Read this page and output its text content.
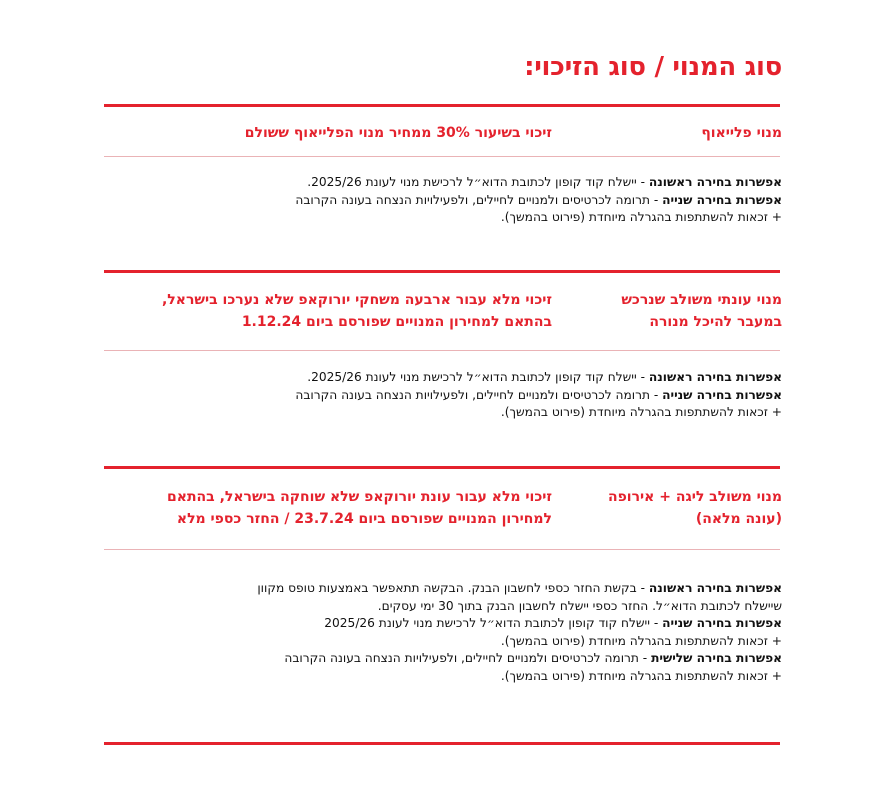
סוג המנוי / סוג הזיכוי:
מנוי פלייאוף
זיכוי בשיעור 30% ממחיר מנוי הפלייאוף ששולם
אפשרות בחירה ראשונה - יישלח קוד קופון לכתובת הדוא״ל לרכישת מנוי לעונת 2025/26.
אפשרות בחירה שנייה - תרומה לכרטיסים ולמנויים לחיילים, ולפעילויות הנצחה בעונה הקרובה
+ זכאות להשתתפות בהגרלה מיוחדת (פירוט בהמשך).
מנוי עונתי משולב שנרכש
במעבר להיכל מנורה
זיכוי מלא עבור ארבעה משחקי יורוקאפ שלא נערכו בישראל,
בהתאם למחירון המנויים שפורסם ביום 1.12.24
אפשרות בחירה ראשונה - יישלח קוד קופון לכתובת הדוא״ל לרכישת מנוי לעונת 2025/26.
אפשרות בחירה שנייה - תרומה לכרטיסים ולמנויים לחיילים, ולפעילויות הנצחה בעונה הקרובה
+ זכאות להשתתפות בהגרלה מיוחדת (פירוט בהמשך).
מנוי משולב ליגה + אירופה
(עונה מלאה)
זיכוי מלא עבור עונת יורוקאפ שלא שוחקה בישראל, בהתאם
למחירון המנויים שפורסם ביום 23.7.24 / החזר כספי מלא
אפשרות בחירה ראשונה - בקשת החזר כספי לחשבון הבנק. הבקשה תתאפשר באמצעות טופס מקוון
שיישלח לכתובת הדוא״ל. החזר כספי יישלח לחשבון הבנק בתוך 30 ימי עסקים.
אפשרות בחירה שנייה - יישלח קוד קופון לכתובת הדוא״ל לרכישת מנוי לעונת 2025/26
+ זכאות להשתתפות בהגרלה מיוחדת (פירוט בהמשך).
אפשרות בחירה שלישית - תרומה לכרטיסים ולמנויים לחיילים, ולפעילויות הנצחה בעונה הקרובה
+ זכאות להשתתפות בהגרלה מיוחדת (פירוט בהמשך).
